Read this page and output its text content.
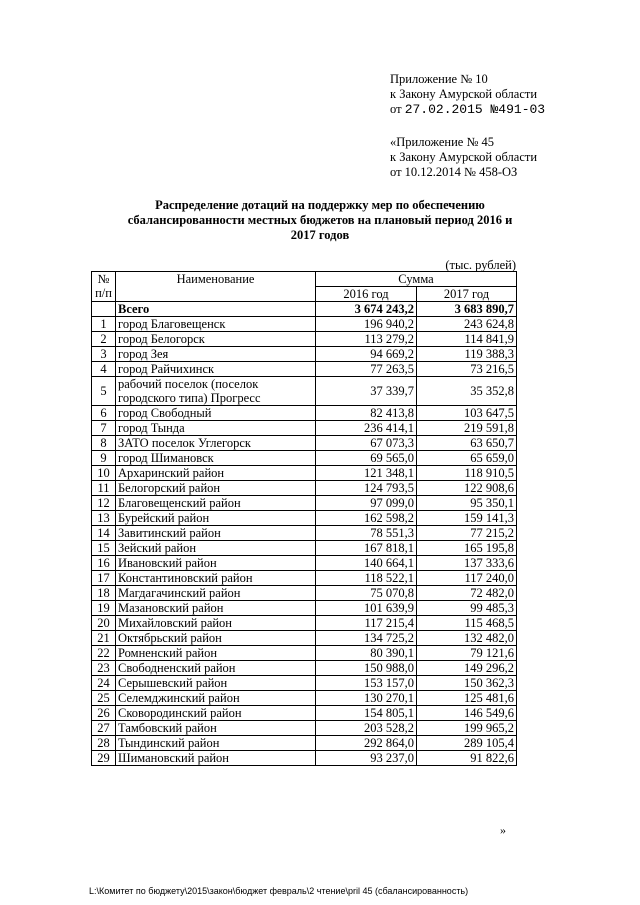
Приложение № 10
к Закону Амурской области
от 27.02.2015 №491-03
«Приложение № 45
к Закону Амурской области
от 10.12.2014 № 458-ОЗ
Распределение дотаций на поддержку мер по обеспечению
сбалансированности местных бюджетов на плановый период 2016 и
2017 годов
(тыс. рублей)
№
п/п	Наименование	Сумма	
		2016 год	2017 год
	Всего	3 674 243,2	3 683 890,7
1	город Благовещенск	196 940,2	243 624,8
2	город Белогорск	113 279,2	114 841,9
3	город Зея	94 669,2	119 388,3
4	город Райчихинск	77 263,5	73 216,5
5	рабочий поселок (поселок городского типа) Прогресс	37 339,7	35 352,8
6	город Свободный	82 413,8	103 647,5
7	город Тында	236 414,1	219 591,8
8	ЗАТО поселок Углегорск	67 073,3	63 650,7
9	город Шимановск	69 565,0	65 659,0
10	Архаринский район	121 348,1	118 910,5
11	Белогорский район	124 793,5	122 908,6
12	Благовещенский район	97 099,0	95 350,1
13	Бурейский район	162 598,2	159 141,3
14	Завитинский район	78 551,3	77 215,2
15	Зейский район	167 818,1	165 195,8
16	Ивановский район	140 664,1	137 333,6
17	Константиновский район	118 522,1	117 240,0
18	Магдагачинский район	75 070,8	72 482,0
19	Мазановский район	101 639,9	99 485,3
20	Михайловский район	117 215,4	115 468,5
21	Октябрьский район	134 725,2	132 482,0
22	Ромненский район	80 390,1	79 121,6
23	Свободненский район	150 988,0	149 296,2
24	Серышевский район	153 157,0	150 362,3
25	Селемджинский район	130 270,1	125 481,6
26	Сковородинский район	154 805,1	146 549,6
27	Тамбовский район	203 528,2	199 965,2
28	Тындинский район	292 864,0	289 105,4
29	Шимановский район	93 237,0	91 822,6
»
L:\Комитет по бюджету\2015\закон\бюджет февраль\2 чтение\pril 45 (сбалансированность)
